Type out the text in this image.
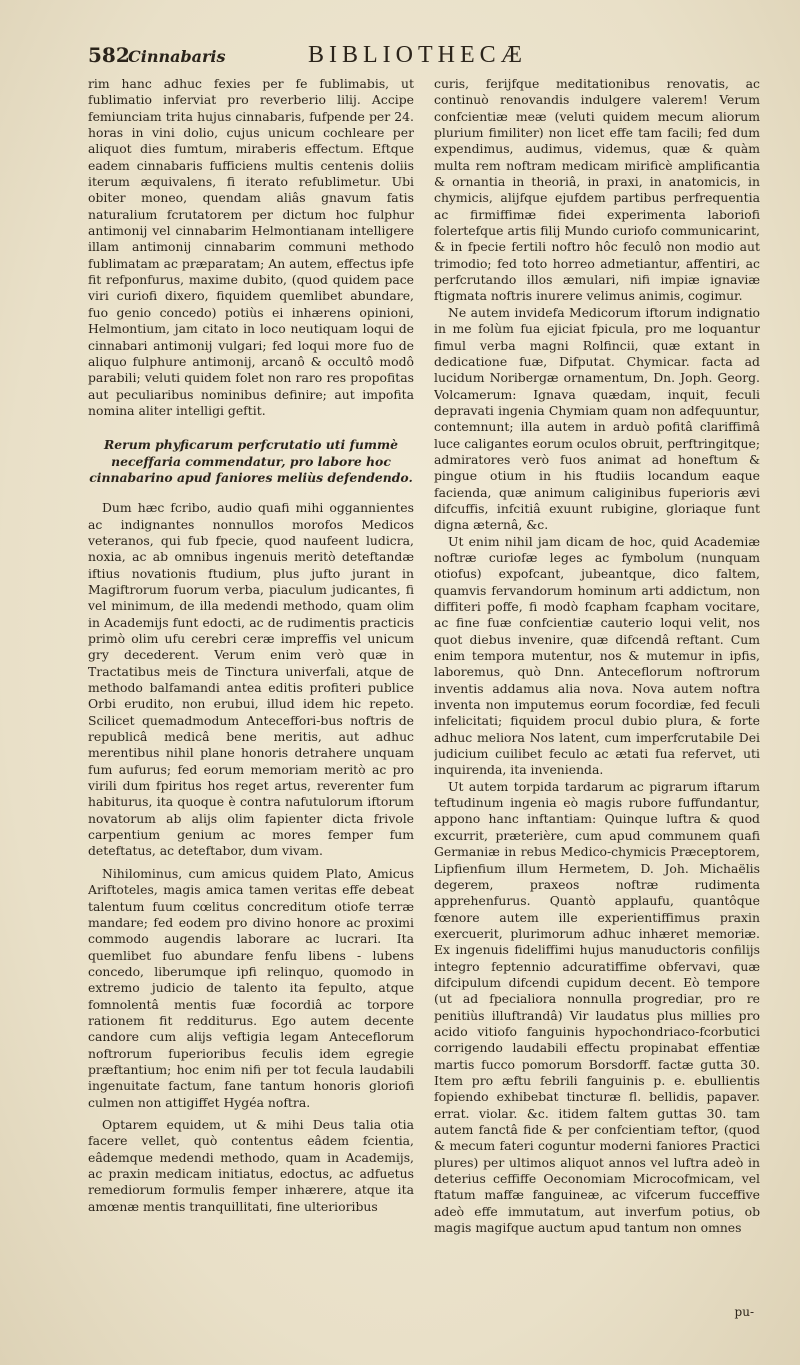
582
Cinnabaris	BIBLIOTHECÆ

rim hanc adhuc fexies per fe fublimabis, ut fublimatio inferviat pro reverberio lilij. Accipe femiunciam trita hujus cinnabaris, fufpende per 24. horas in vini dolio, cujus unicum cochleare per aliquot dies fumtum, miraberis effectum. Eftque eadem cinnabaris fufficiens multis centenis doliis iterum æquivalens, fi iterato refublimetur. Ubi obiter moneo, quendam aliâs gnavum fatis naturalium fcrutatorem per dictum hoc fulphur antimonij vel cinnabarim Helmontianam intelligere illam antimonij cinnabarim communi methodo fublimatam ac præparatam; An autem, effectus ipfe fit refponfurus, maxime dubito, (quod quidem pace viri curiofi dixero, fiquidem quemlibet abundare, fuo genio concedo) potiùs ei inhærens opinioni, Helmontium, jam citato in loco neutiquam loqui de cinnabari antimonij vulgari; fed loqui more fuo de aliquo fulphure antimonij, arcanô & occultô modô parabili; veluti quidem folet non raro res propofitas aut peculiaribus nominibus definire; aut impofita nomina aliter intelligi geftit.

Rerum phyficarum perfcrutatio uti fummè neceffaria commendatur, pro labore hoc cinnabarino apud faniores meliùs defendendo.

Dum hæc fcribo, audio quafi mihi oggannientes ac indignantes nonnullos morofos Medicos veteranos, qui fub fpecie, quod naufeent ludicra, noxia, ac ab omnibus ingenuis meritò deteftandæ iftius novationis ftudium, plus jufto jurant in Magiftrorum fuorum verba, piaculum judicantes, fi vel minimum, de illa medendi methodo, quam olim in Academijs funt edocti, ac de rudimentis practicis primò olim ufu cerebri ceræ impreffis vel unicum gry decederent. Verum enim verò quæ in Tractatibus meis de Tinctura univerfali, atque de methodo balfamandi antea editis profiteri publice Orbi erudito, non erubui, illud idem hic repeto. Scilicet quemadmodum Anteceffori-bus noftris de republicâ medicâ bene meritis, aut adhuc merentibus nihil plane honoris detrahere unquam fum aufurus; fed eorum memoriam meritò ac pro virili dum fpiritus hos reget artus, reverenter fum habiturus, ita quoque è contra nafutulorum iftorum novatorum ab alijs olim fapienter dicta frivole carpentium genium ac mores femper fum deteftatus, ac deteftabor, dum vivam.

Nihilominus, cum amicus quidem Plato, Amicus Ariftoteles, magis amica tamen veritas effe debeat talentum fuum cœlitus concreditum otiofe terræ mandare; fed eodem pro divino honore ac proximi commodo augendis laborare ac lucrari. Ita quemlibet fuo abundare fenfu libens - lubens concedo, liberumque ipfi relinquo, quomodo in extremo judicio de talento ita fepulto, atque fomnolentâ mentis fuæ focordiâ ac torpore rationem fit redditurus. Ego autem decente candore cum alijs veftigia legam Anteceflorum noftrorum fuperioribus feculis idem egregie præftantium; hoc enim nifi per tot fecula laudabili ingenuitate factum, fane tantum honoris gloriofi culmen non attigiffet Hygéa noftra.

Optarem equidem, ut & mihi Deus talia otia facere vellet, quò contentus eâdem fcientia, eâdemque medendi methodo, quam in Academijs, ac praxin medicam initiatus, edoctus, ac adfuetus remediorum formulis femper inhærere, atque ita amœnæ mentis tranquillitati, fine ulterioribus

curis, ferijfque meditationibus renovatis, ac continuò renovandis indulgere valerem! Verum confcientiæ meæ (veluti quidem mecum aliorum plurium fimiliter) non licet effe tam facili; fed dum expendimus, audimus, videmus, quæ & quàm multa rem noftram medicam mirificè amplificantia & ornantia in theoriâ, in praxi, in anatomicis, in chymicis, alijfque ejufdem partibus perfrequentia ac firmiffimæ fidei experimenta laboriofi folertefque artis filij Mundo curiofo communicarint, & in fpecie fertili noftro hôc feculô non modio aut trimodio; fed toto horreo admetiantur, affentiri, ac perfcrutando illos æmulari, nifi impiæ ignaviæ ftigmata noftris inurere velimus animis, cogimur.

Ne autem invidefa Medicorum iftorum indignatio in me folùm fua ejiciat fpicula, pro me loquantur fimul verba magni Rolfincii, quæ extant in dedicatione fuæ, Difputat. Chymicar. facta ad lucidum Noribergæ ornamentum, Dn. Joph. Georg. Volcamerum: Ignava quædam, inquit, feculi depravati ingenia Chymiam quam non adfequuntur, contemnunt; illa autem in arduò pofitâ clariffimâ luce caligantes eorum oculos obruit, perftringitque; admiratores verò fuos animat ad honeftum & pingue otium in his ftudiis locandum eaque facienda, quæ animum caliginibus fuperioris ævi difcuffis, infcitiâ exuunt rubigine, gloriaque funt digna æternâ, &c.

Ut enim nihil jam dicam de hoc, quid Academiæ noftræ curiofæ leges ac fymbolum (nunquam otiofus) expofcant, jubeantque, dico faltem, quamvis fervandorum hominum arti addictum, non diffiteri poffe, fi modò fcapham fcapham vocitare, ac fine fuæ confcientiæ cauterio loqui velit, nos quot diebus invenire, quæ difcendâ reftant. Cum enim tempora mutentur, nos & mutemur in ipfis, laboremus, quò Dnn. Anteceflorum noftrorum inventis addamus alia nova. Nova autem noftra inventa non imputemus eorum focordiæ, fed feculi infelicitati; fiquidem procul dubio plura, & forte adhuc meliora Nos latent, cum imperfcrutabile Dei judicium cuilibet feculo ac ætati fua refervet, uti inquirenda, ita invenienda.

Ut autem torpida tardarum ac pigrarum iftarum teftudinum ingenia eò magis rubore fuffundantur, appono hanc inftantiam: Quinque luftra & quod excurrit, præterière, cum apud communem quafi Germaniæ in rebus Medico-chymicis Præceptorem, Lipfienfium illum Hermetem, D. Joh. Michaëlis degerem, praxeos noftræ rudimenta apprehenfurus. Quantò applaufu, quantôque fœnore autem ille experientiffimus praxin exercuerit, plurimorum adhuc inhæret memoriæ. Ex ingenuis fideliffimi hujus manuductoris confilijs integro feptennio adcuratiffime obfervavi, quæ difcipulum difcendi cupidum decent. Eò tempore (ut ad fpecialiora nonnulla progrediar, pro re penitiùs illuftrandâ) Vir laudatus plus millies pro acido vitiofo fanguinis hypochondriaco-fcorbutici corrigendo laudabili effectu propinabat effentiæ martis fucco pomorum Borsdorff. factæ gutta 30. Item pro æftu febrili fanguinis p. e. ebullientis fopiendo exhibebat tincturæ fl. bellidis, papaver. errat. violar. &c. itidem faltem guttas 30. tam autem fanctâ fide & per confcientiam teftor, (quod & mecum fateri coguntur moderni faniores Practici plures) per ultimos aliquot annos vel luftra adeò in deterius ceffiffe Oeconomiam Microcofmicam, vel ftatum maffæ fanguineæ, ac vifcerum fucceffive adeò effe immutatum, aut inverfum potius, ob magis magifque auctum apud tantum non omnes

pu-
